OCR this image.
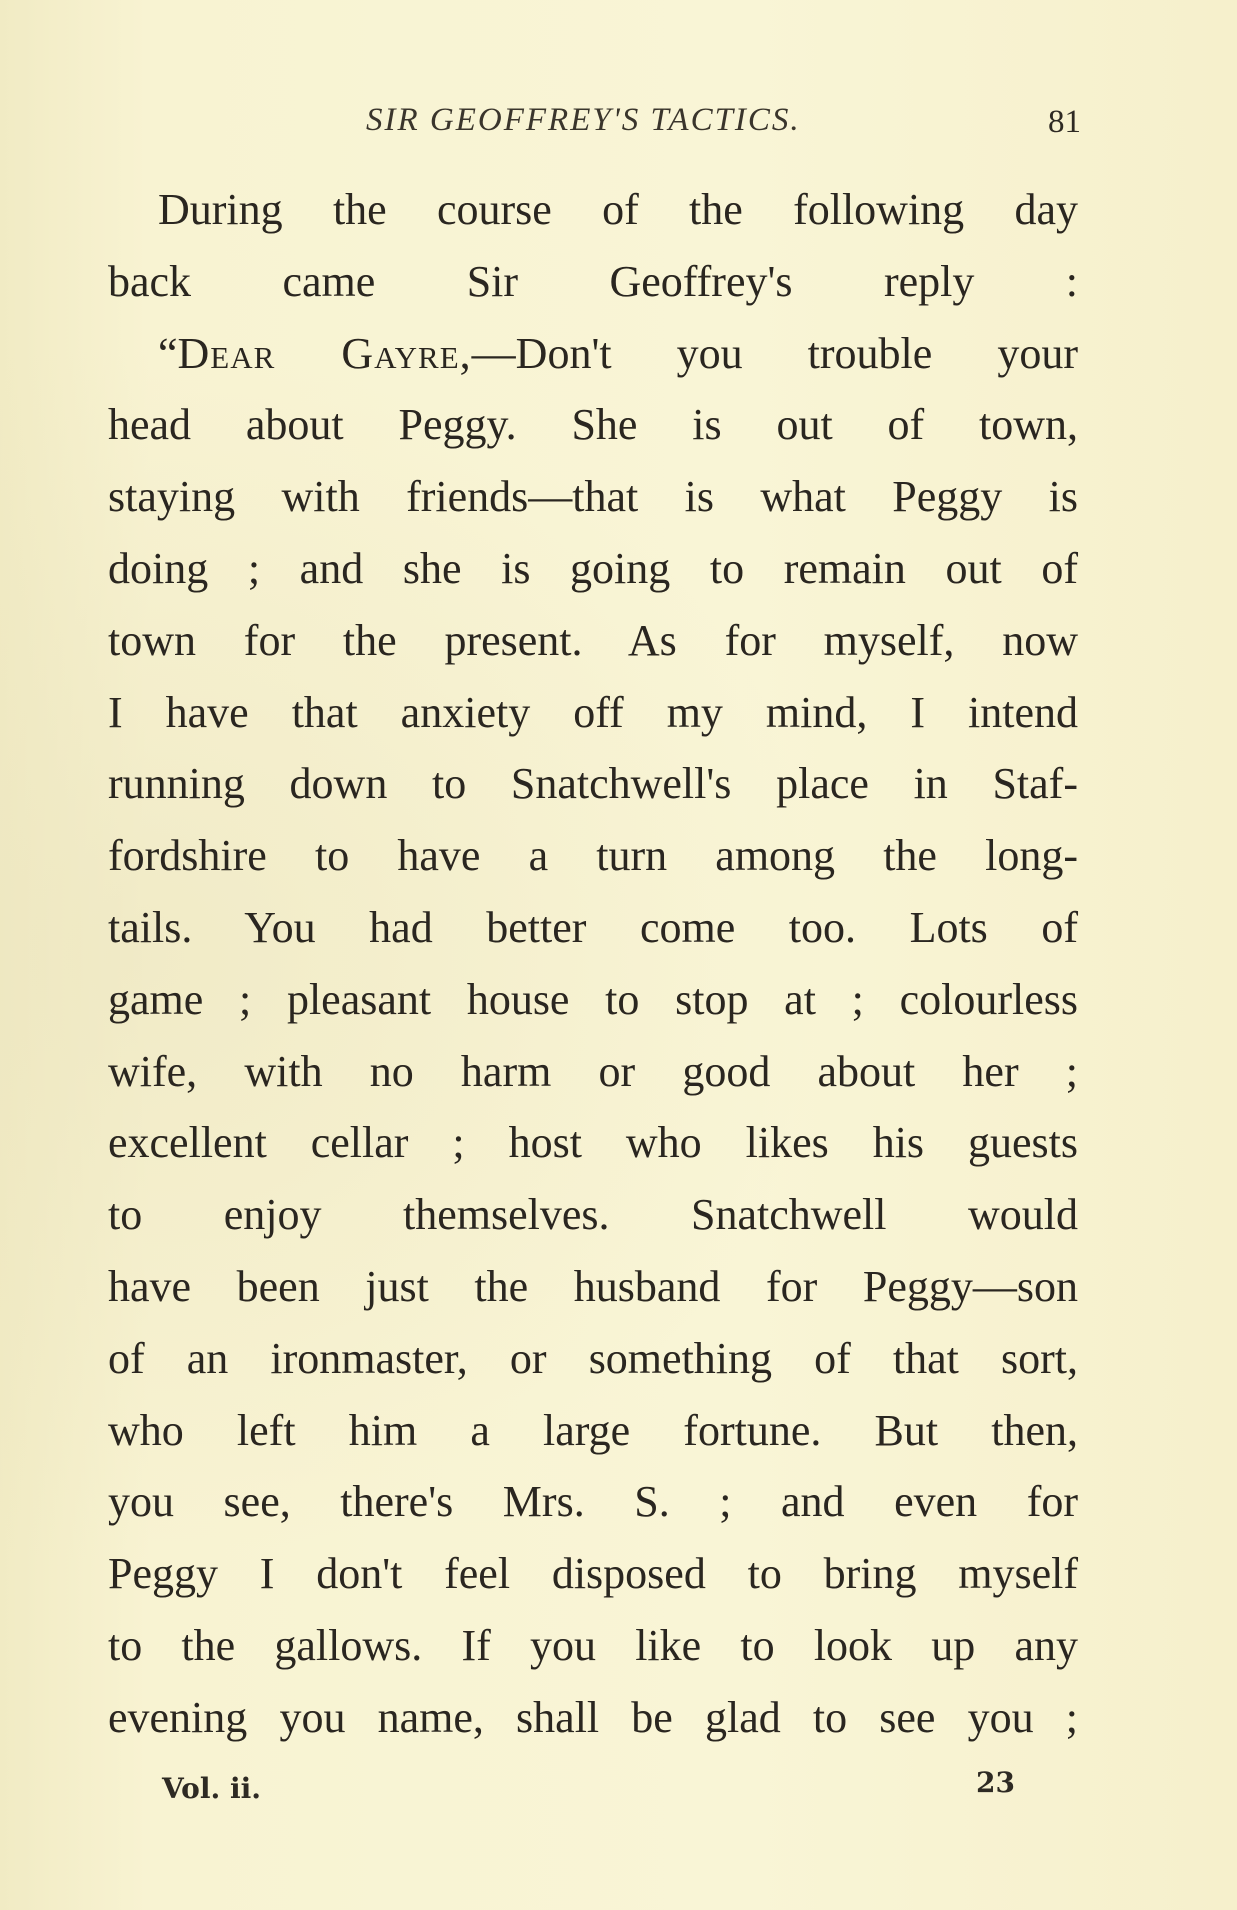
SIR GEOFFREY'S TACTICS.	81
During the course of the following day
back came Sir Geoffrey's reply :
“Dear Gayre,—Don't you trouble your
head about Peggy. She is out of town,
staying with friends—that is what Peggy is
doing ; and she is going to remain out of
town for the present. As for myself, now
I have that anxiety off my mind, I intend
running down to Snatchwell's place in Staf-
fordshire to have a turn among the long-
tails. You had better come too. Lots of
game ; pleasant house to stop at ; colourless
wife, with no harm or good about her ;
excellent cellar ; host who likes his guests
to enjoy themselves. Snatchwell would
have been just the husband for Peggy—son
of an ironmaster, or something of that sort,
who left him a large fortune. But then,
you see, there's Mrs. S. ; and even for
Peggy I don't feel disposed to bring myself
to the gallows. If you like to look up any
evening you name, shall be glad to see you ;
Vol. ii.	23
